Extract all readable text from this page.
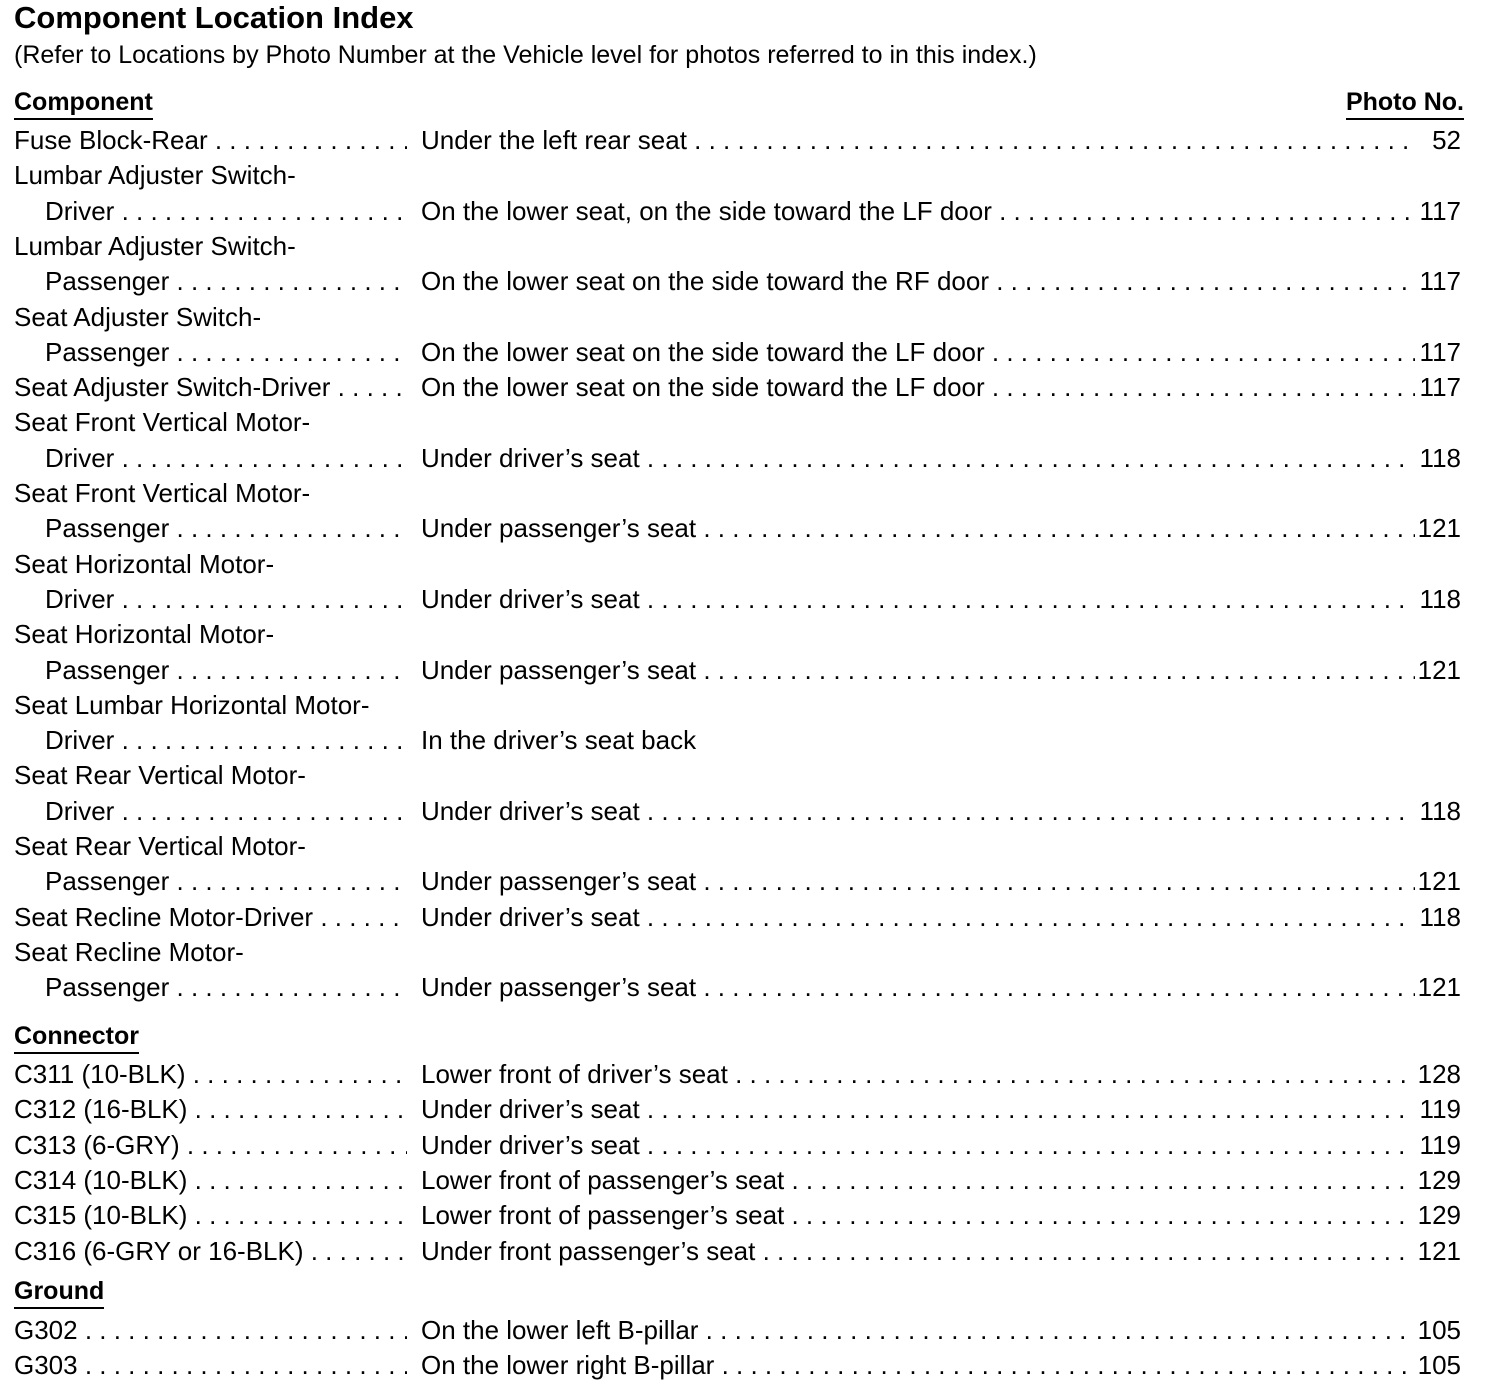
Component Location Index
(Refer to Locations by Photo Number at the Vehicle level for photos referred to in this index.)
Component	Photo No.
Fuse Block-Rear . . .	Under the left rear seat . . .	52
Lumbar Adjuster Switch-
Driver . . .	On the lower seat, on the side toward the LF door . . .	117
Lumbar Adjuster Switch-
Passenger . . .	On the lower seat on the side toward the RF door . . .	117
Seat Adjuster Switch-
Passenger . . .	On the lower seat on the side toward the LF door . . .	117
Seat Adjuster Switch-Driver . . .	On the lower seat on the side toward the LF door . . .	117
Seat Front Vertical Motor-
Driver . . .	Under driver’s seat . . .	118
Seat Front Vertical Motor-
Passenger . . .	Under passenger’s seat . . .	121
Seat Horizontal Motor-
Driver . . .	Under driver’s seat . . .	118
Seat Horizontal Motor-
Passenger . . .	Under passenger’s seat . . .	121
Seat Lumbar Horizontal Motor-
Driver . . .	In the driver’s seat back
Seat Rear Vertical Motor-
Driver . . .	Under driver’s seat . . .	118
Seat Rear Vertical Motor-
Passenger . . .	Under passenger’s seat . . .	121
Seat Recline Motor-Driver . . .	Under driver’s seat . . .	118
Seat Recline Motor-
Passenger . . .	Under passenger’s seat . . .	121
Connector
C311 (10-BLK) . . .	Lower front of driver’s seat . . .	128
C312 (16-BLK) . . .	Under driver’s seat . . .	119
C313 (6-GRY) . . .	Under driver’s seat . . .	119
C314 (10-BLK) . . .	Lower front of passenger’s seat . . .	129
C315 (10-BLK) . . .	Lower front of passenger’s seat . . .	129
C316 (6-GRY or 16-BLK) . . .	Under front passenger’s seat . . .	121
Ground
G302 . . .	On the lower left B-pillar . . .	105
G303 . . .	On the lower right B-pillar . . .	105
